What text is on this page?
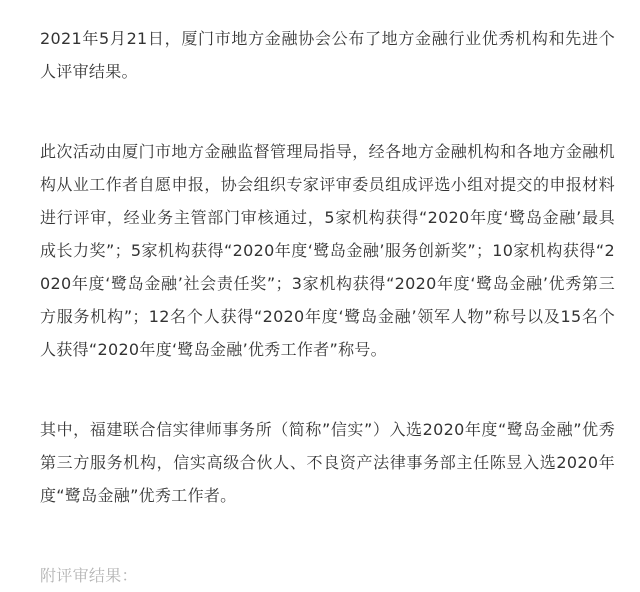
2021年5月21日，厦门市地方金融协会公布了地方金融行业优秀机构和先进个人评审结果。

此次活动由厦门市地方金融监督管理局指导，经各地方金融机构和各地方金融机构从业工作者自愿申报，协会组织专家评审委员组成评选小组对提交的申报材料进行评审，经业务主管部门审核通过，5家机构获得“2020年度‘鹭岛金融’最具成长力奖”；5家机构获得“2020年度‘鹭岛金融’服务创新奖”；10家机构获得“2020年度‘鹭岛金融’社会责任奖”；3家机构获得“2020年度‘鹭岛金融’优秀第三方服务机构”；12名个人获得“2020年度‘鹭岛金融’领军人物”称号以及15名个人获得“2020年度‘鹭岛金融’优秀工作者”称号。

其中，福建联合信实律师事务所（简称”信实”）入选2020年度“鹭岛金融”优秀第三方服务机构，信实高级合伙人、不良资产法律事务部主任陈昱入选2020年度“鹭岛金融”优秀工作者。

附评审结果：
